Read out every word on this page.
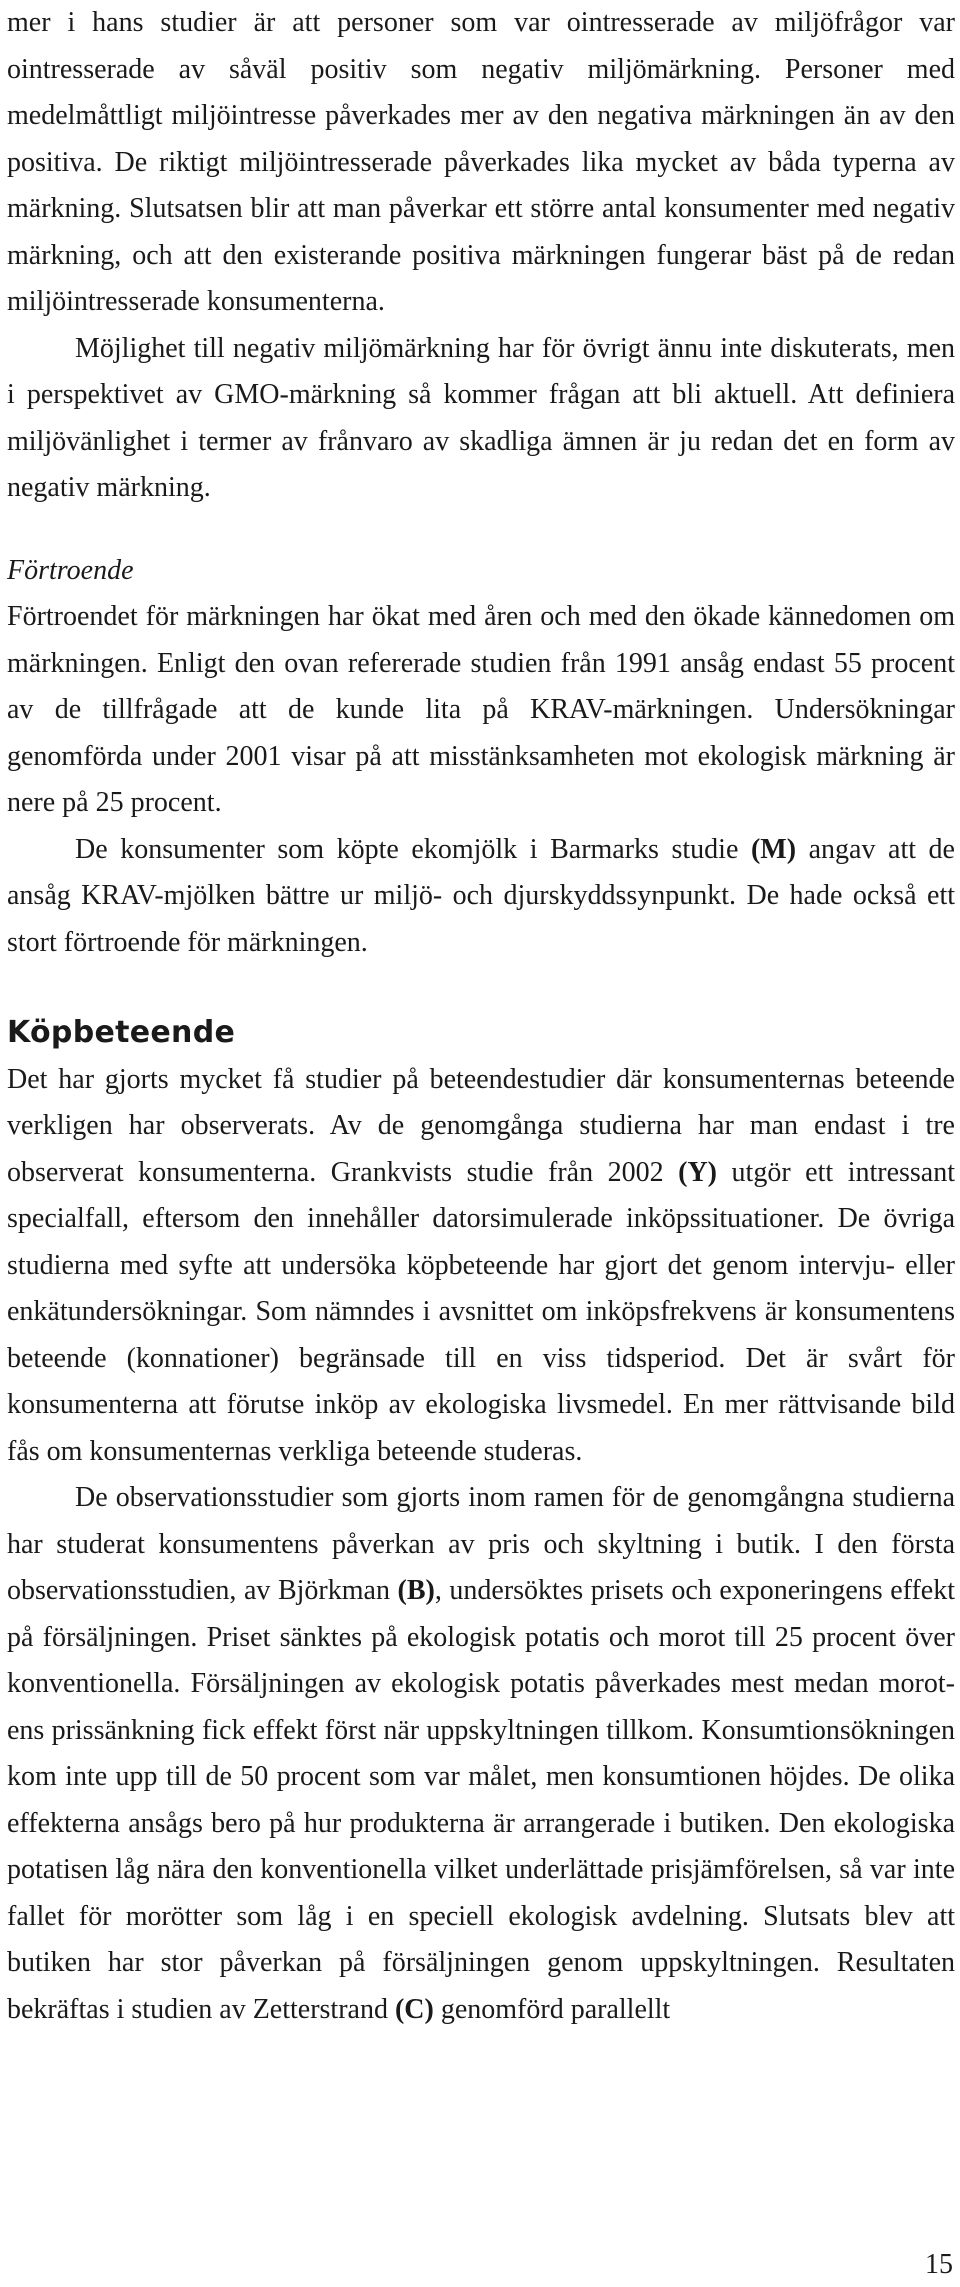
mer i hans studier är att personer som var ointresserade av miljöfrågor var ointresserade av såväl positiv som negativ miljömärkning. Personer med medelmåttligt miljöintresse påverkades mer av den negativa märkningen än av den positiva. De riktigt miljöintresserade påverkades lika mycket av båda typerna av märkning. Slutsatsen blir att man påverkar ett större antal konsumenter med negativ märkning, och att den existerande positiva märkningen fungerar bäst på de redan miljöintresserade konsumenterna.

Möjlighet till negativ miljömärkning har för övrigt ännu inte diskuterats, men i perspektivet av GMO-märkning så kommer frågan att bli aktuell. Att definiera miljövänlighet i termer av frånvaro av skadliga ämnen är ju redan det en form av negativ märkning.

Förtroende

Förtroendet för märkningen har ökat med åren och med den ökade kännedomen om märkningen. Enligt den ovan refererade studien från 1991 ansåg endast 55 procent av de tillfrågade att de kunde lita på KRAV-märkningen. Undersökningar genomförda under 2001 visar på att misstänksamheten mot ekologisk märkning är nere på 25 procent.

De konsumenter som köpte ekomjölk i Barmarks studie (M) angav att de ansåg KRAV-mjölken bättre ur miljö- och djurskyddssynpunkt. De hade också ett stort förtroende för märkningen.

Köpbeteende

Det har gjorts mycket få studier på beteendestudier där konsumenternas beteende verkligen har observerats. Av de genomgånga studierna har man endast i tre observerat konsumenterna. Grankvists studie från 2002 (Y) utgör ett intressant specialfall, eftersom den innehåller datorsimulerade inköpssituationer. De övriga studierna med syfte att undersöka köpbeteende har gjort det genom intervju- eller enkätundersökningar. Som nämndes i avsnittet om inköpsfrekvens är konsumentens beteende (konnationer) begränsade till en viss tidsperiod. Det är svårt för konsumenterna att förutse inköp av ekologiska livsmedel. En mer rättvisande bild fås om konsumenternas verkliga beteende studeras.

De observationsstudier som gjorts inom ramen för de genomgångna studierna har studerat konsumentens påverkan av pris och skyltning i butik. I den första observationsstudien, av Björkman (B), undersöktes prisets och exponeringens effekt på försäljningen. Priset sänktes på ekologisk potatis och morot till 25 procent över konventionella. Försäljningen av ekologisk potatis påverkades mest medan morotens prissänkning fick effekt först när uppskyltningen tillkom. Konsumtionsökningen kom inte upp till de 50 procent som var målet, men konsumtionen höjdes. De olika effekterna ansågs bero på hur produkterna är arrangerade i butiken. Den ekologiska potatisen låg nära den konventionella vilket underlättade prisjämförelsen, så var inte fallet för morötter som låg i en speciell ekologisk avdelning. Slutsats blev att butiken har stor påverkan på försäljningen genom uppskyltningen. Resultaten bekräftas i studien av Zetterstrand (C) genomförd parallellt

15
